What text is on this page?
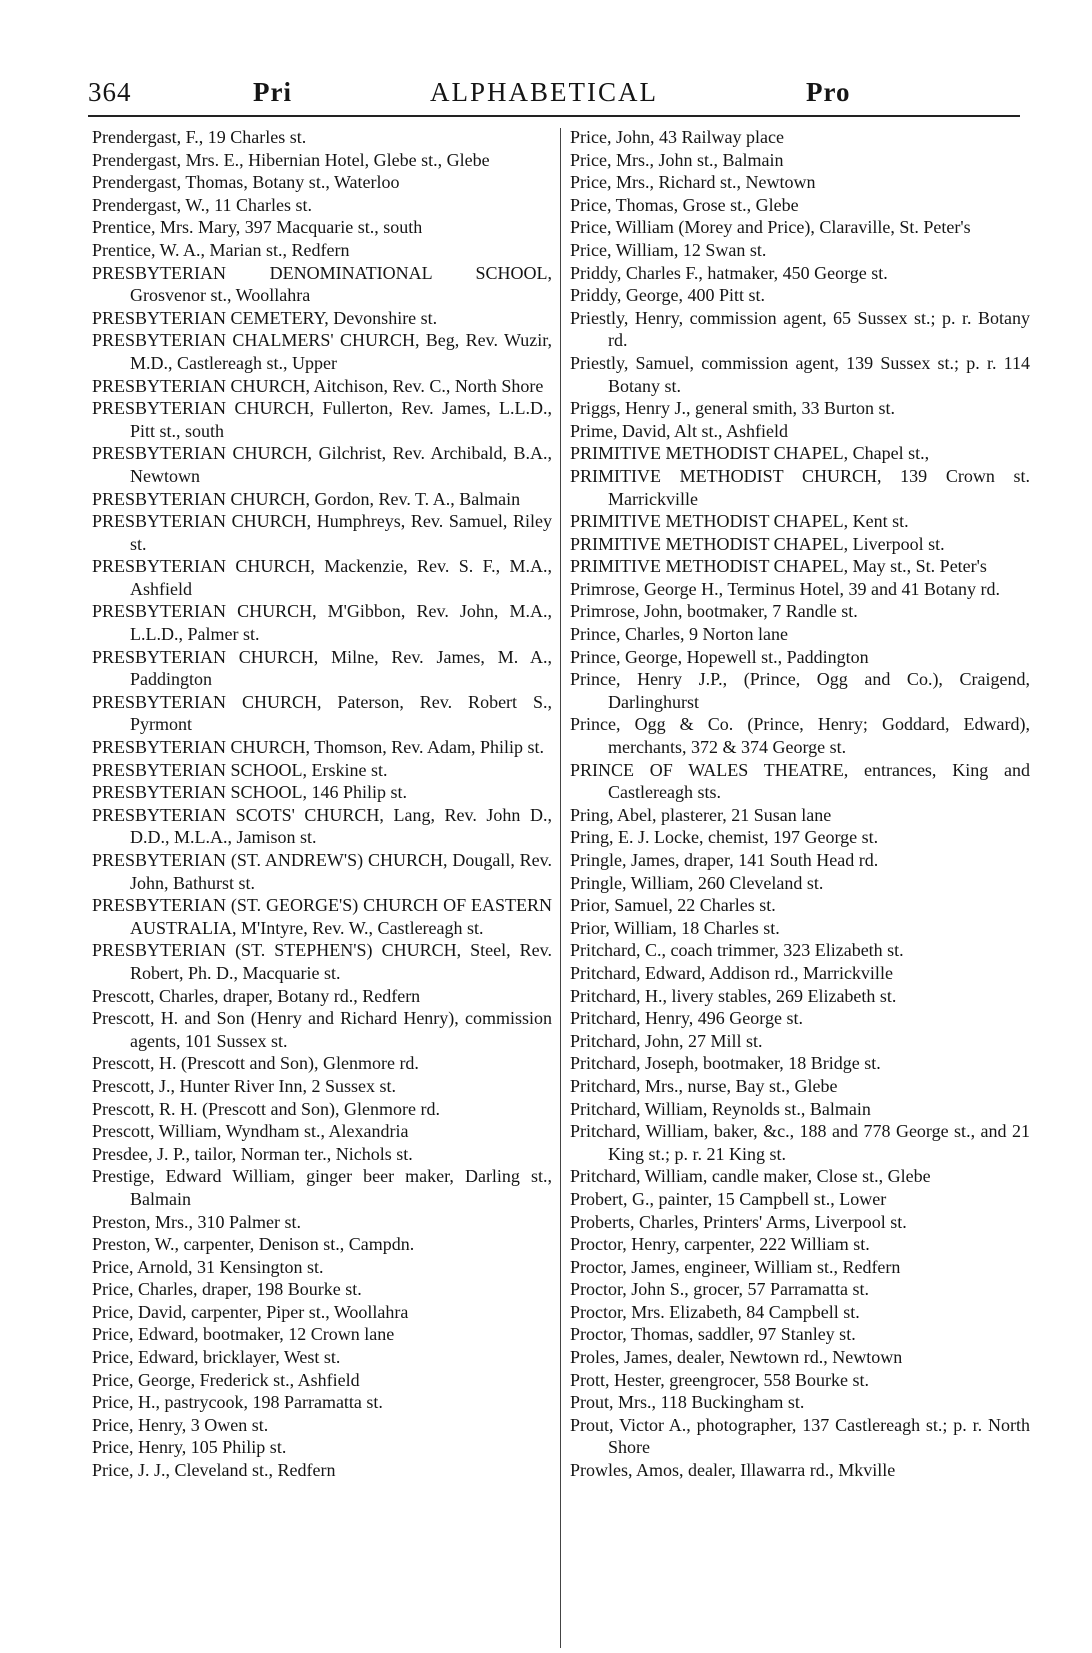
364	Pri	ALPHABETICAL	Pro
Prendergast, F., 19 Charles st.
Prendergast, Mrs. E., Hibernian Hotel, Glebe st., Glebe
Prendergast, Thomas, Botany st., Waterloo
Prendergast, W., 11 Charles st.
Prentice, Mrs. Mary, 397 Macquarie st., south
Prentice, W. A., Marian st., Redfern
PRESBYTERIAN DENOMINATIONAL SCHOOL, Grosvenor st., Woollahra
PRESBYTERIAN CEMETERY, Devonshire st.
PRESBYTERIAN CHALMERS' CHURCH, Beg, Rev. Wuzir, M.D., Castlereagh st., Upper
PRESBYTERIAN CHURCH, Aitchison, Rev. C., North Shore
PRESBYTERIAN CHURCH, Fullerton, Rev. James, L.L.D., Pitt st., south
PRESBYTERIAN CHURCH, Gilchrist, Rev. Archibald, B.A., Newtown
PRESBYTERIAN CHURCH, Gordon, Rev. T. A., Balmain
PRESBYTERIAN CHURCH, Humphreys, Rev. Samuel, Riley st.
PRESBYTERIAN CHURCH, Mackenzie, Rev. S. F., M.A., Ashfield
PRESBYTERIAN CHURCH, M'Gibbon, Rev. John, M.A., L.L.D., Palmer st.
PRESBYTERIAN CHURCH, Milne, Rev. James, M. A., Paddington
PRESBYTERIAN CHURCH, Paterson, Rev. Robert S., Pyrmont
PRESBYTERIAN CHURCH, Thomson, Rev. Adam, Philip st.
PRESBYTERIAN SCHOOL, Erskine st.
PRESBYTERIAN SCHOOL, 146 Philip st.
PRESBYTERIAN SCOTS' CHURCH, Lang, Rev. John D., D.D., M.L.A., Jamison st.
PRESBYTERIAN (ST. ANDREW'S) CHURCH, Dougall, Rev. John, Bathurst st.
PRESBYTERIAN (ST. GEORGE'S) CHURCH OF EASTERN AUSTRALIA, M'Intyre, Rev. W., Castlereagh st.
PRESBYTERIAN (ST. STEPHEN'S) CHURCH, Steel, Rev. Robert, Ph. D., Macquarie st.
Prescott, Charles, draper, Botany rd., Redfern
Prescott, H. and Son (Henry and Richard Henry), commission agents, 101 Sussex st.
Prescott, H. (Prescott and Son), Glenmore rd.
Prescott, J., Hunter River Inn, 2 Sussex st.
Prescott, R. H. (Prescott and Son), Glenmore rd.
Prescott, William, Wyndham st., Alexandria
Presdee, J. P., tailor, Norman ter., Nichols st.
Prestige, Edward William, ginger beer maker, Darling st., Balmain
Preston, Mrs., 310 Palmer st.
Preston, W., carpenter, Denison st., Campdn.
Price, Arnold, 31 Kensington st.
Price, Charles, draper, 198 Bourke st.
Price, David, carpenter, Piper st., Woollahra
Price, Edward, bootmaker, 12 Crown lane
Price, Edward, bricklayer, West st.
Price, George, Frederick st., Ashfield
Price, H., pastrycook, 198 Parramatta st.
Price, Henry, 3 Owen st.
Price, Henry, 105 Philip st.
Price, J. J., Cleveland st., Redfern
Price, John, 43 Railway place
Price, Mrs., John st., Balmain
Price, Mrs., Richard st., Newtown
Price, Thomas, Grose st., Glebe
Price, William (Morey and Price), Claraville, St. Peter's
Price, William, 12 Swan st.
Priddy, Charles F., hatmaker, 450 George st.
Priddy, George, 400 Pitt st.
Priestly, Henry, commission agent, 65 Sussex st.; p. r. Botany rd.
Priestly, Samuel, commission agent, 139 Sussex st.; p. r. 114 Botany st.
Priggs, Henry J., general smith, 33 Burton st.
Prime, David, Alt st., Ashfield
PRIMITIVE METHODIST CHAPEL, Chapel st.,
PRIMITIVE METHODIST CHURCH, 139 Crown st. Marrickville
PRIMITIVE METHODIST CHAPEL, Kent st.
PRIMITIVE METHODIST CHAPEL, Liverpool st.
PRIMITIVE METHODIST CHAPEL, May st., St. Peter's
Primrose, George H., Terminus Hotel, 39 and 41 Botany rd.
Primrose, John, bootmaker, 7 Randle st.
Prince, Charles, 9 Norton lane
Prince, George, Hopewell st., Paddington
Prince, Henry J.P., (Prince, Ogg and Co.), Craigend, Darlinghurst
Prince, Ogg & Co. (Prince, Henry; Goddard, Edward), merchants, 372 & 374 George st.
PRINCE OF WALES THEATRE, entrances, King and Castlereagh sts.
Pring, Abel, plasterer, 21 Susan lane
Pring, E. J. Locke, chemist, 197 George st.
Pringle, James, draper, 141 South Head rd.
Pringle, William, 260 Cleveland st.
Prior, Samuel, 22 Charles st.
Prior, William, 18 Charles st.
Pritchard, C., coach trimmer, 323 Elizabeth st.
Pritchard, Edward, Addison rd., Marrickville
Pritchard, H., livery stables, 269 Elizabeth st.
Pritchard, Henry, 496 George st.
Pritchard, John, 27 Mill st.
Pritchard, Joseph, bootmaker, 18 Bridge st.
Pritchard, Mrs., nurse, Bay st., Glebe
Pritchard, William, Reynolds st., Balmain
Pritchard, William, baker, &c., 188 and 778 George st., and 21 King st.; p. r. 21 King st.
Pritchard, William, candle maker, Close st., Glebe
Probert, G., painter, 15 Campbell st., Lower
Proberts, Charles, Printers' Arms, Liverpool st.
Proctor, Henry, carpenter, 222 William st.
Proctor, James, engineer, William st., Redfern
Proctor, John S., grocer, 57 Parramatta st.
Proctor, Mrs. Elizabeth, 84 Campbell st.
Proctor, Thomas, saddler, 97 Stanley st.
Proles, James, dealer, Newtown rd., Newtown
Prott, Hester, greengrocer, 558 Bourke st.
Prout, Mrs., 118 Buckingham st.
Prout, Victor A., photographer, 137 Castlereagh st.; p. r. North Shore
Prowles, Amos, dealer, Illawarra rd., Mkville
